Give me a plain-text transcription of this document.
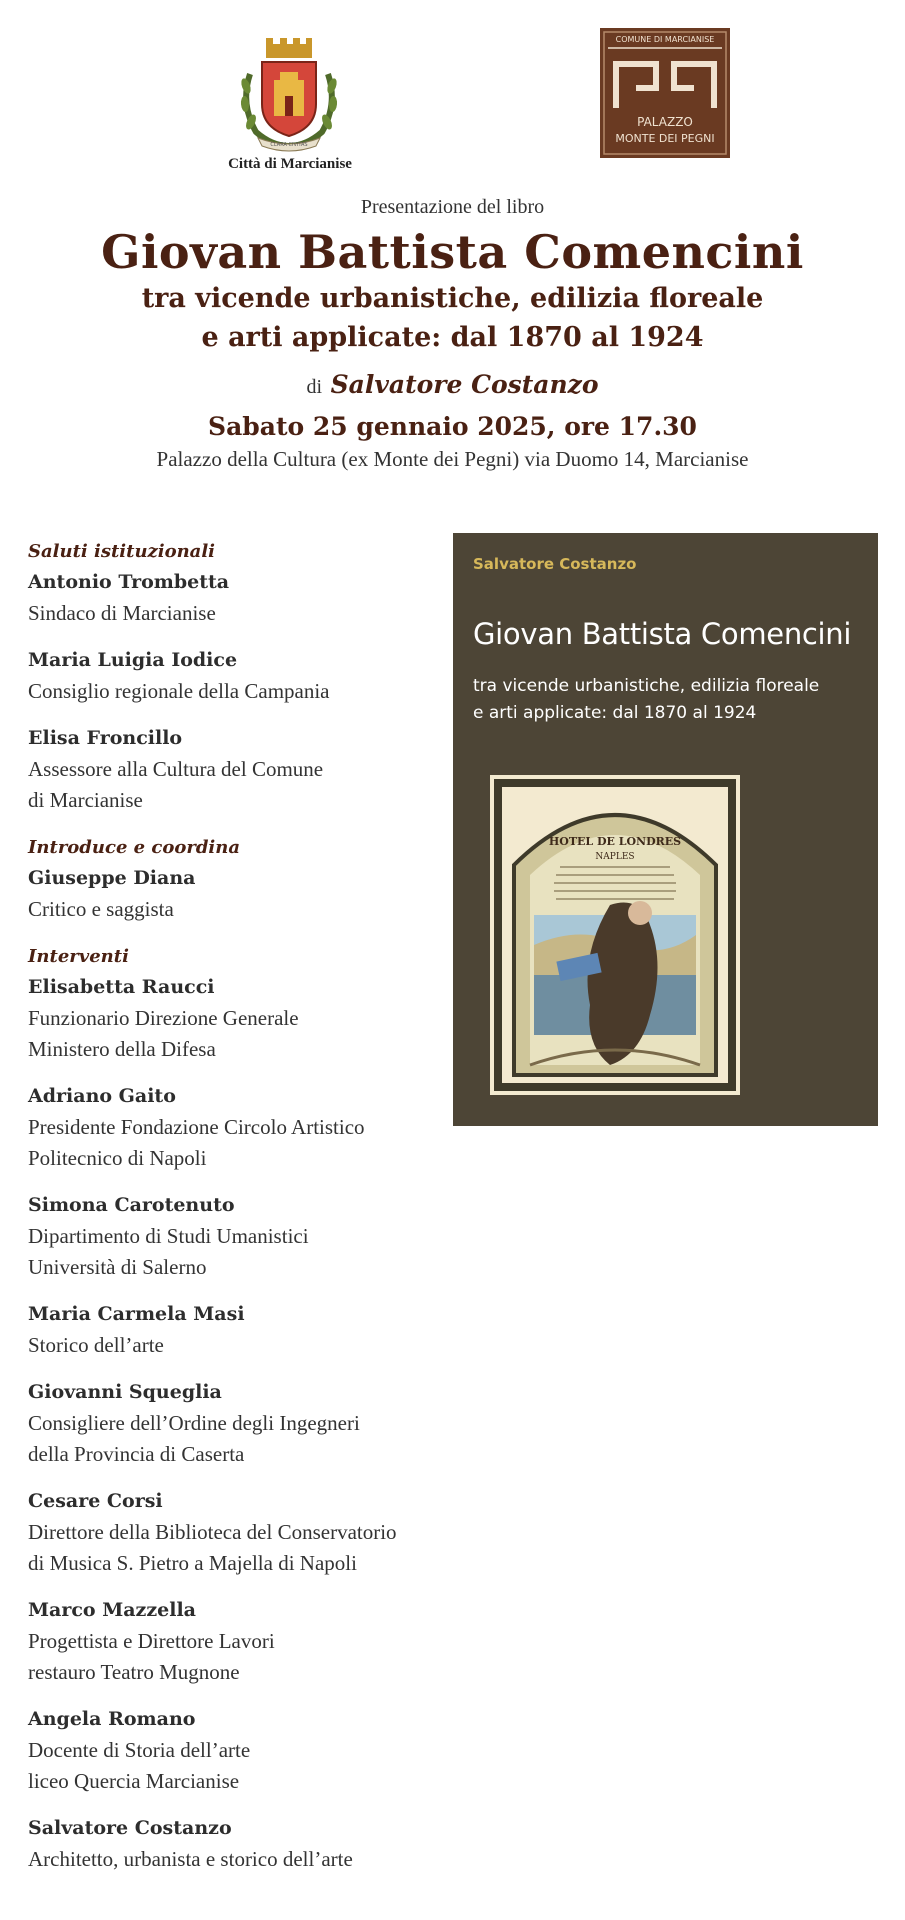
CLARA CIVITAS
Città di Marcianise
COMUNE DI MARCIANISE
PALAZZO
MONTE DEI PEGNI
Presentazione del libro
Giovan Battista Comencini
tra vicende urbanistiche, edilizia floreale
e arti applicate: dal 1870 al 1924
di Salvatore Costanzo
Sabato 25 gennaio 2025, ore 17.30
Palazzo della Cultura (ex Monte dei Pegni) via Duomo 14, Marcianise
Saluti istituzionali
Antonio Trombetta
Sindaco di Marcianise
Maria Luigia Iodice
Consiglio regionale della Campania
Elisa Froncillo
Assessore alla Cultura del Comune
di Marcianise
Introduce e coordina
Giuseppe Diana
Critico e saggista
Interventi
Elisabetta Raucci
Funzionario Direzione Generale
Ministero della Difesa
Adriano Gaito
Presidente Fondazione Circolo Artistico
Politecnico di Napoli
Simona Carotenuto
Dipartimento di Studi Umanistici
Università di Salerno
Maria Carmela Masi
Storico dell’arte
Giovanni Squeglia
Consigliere dell’Ordine degli Ingegneri
della Provincia di Caserta
Cesare Corsi
Direttore della Biblioteca del Conservatorio
di Musica S. Pietro a Majella di Napoli
Marco Mazzella
Progettista e Direttore Lavori
restauro Teatro Mugnone
Angela Romano
Docente di Storia dell’arte
liceo Quercia Marcianise
Salvatore Costanzo
Architetto, urbanista e storico dell’arte
Salvatore Costanzo
Giovan Battista Comencini
tra vicende urbanistiche, edilizia floreale
e arti applicate: dal 1870 al 1924
HOTEL DE LONDRES
NAPLES
